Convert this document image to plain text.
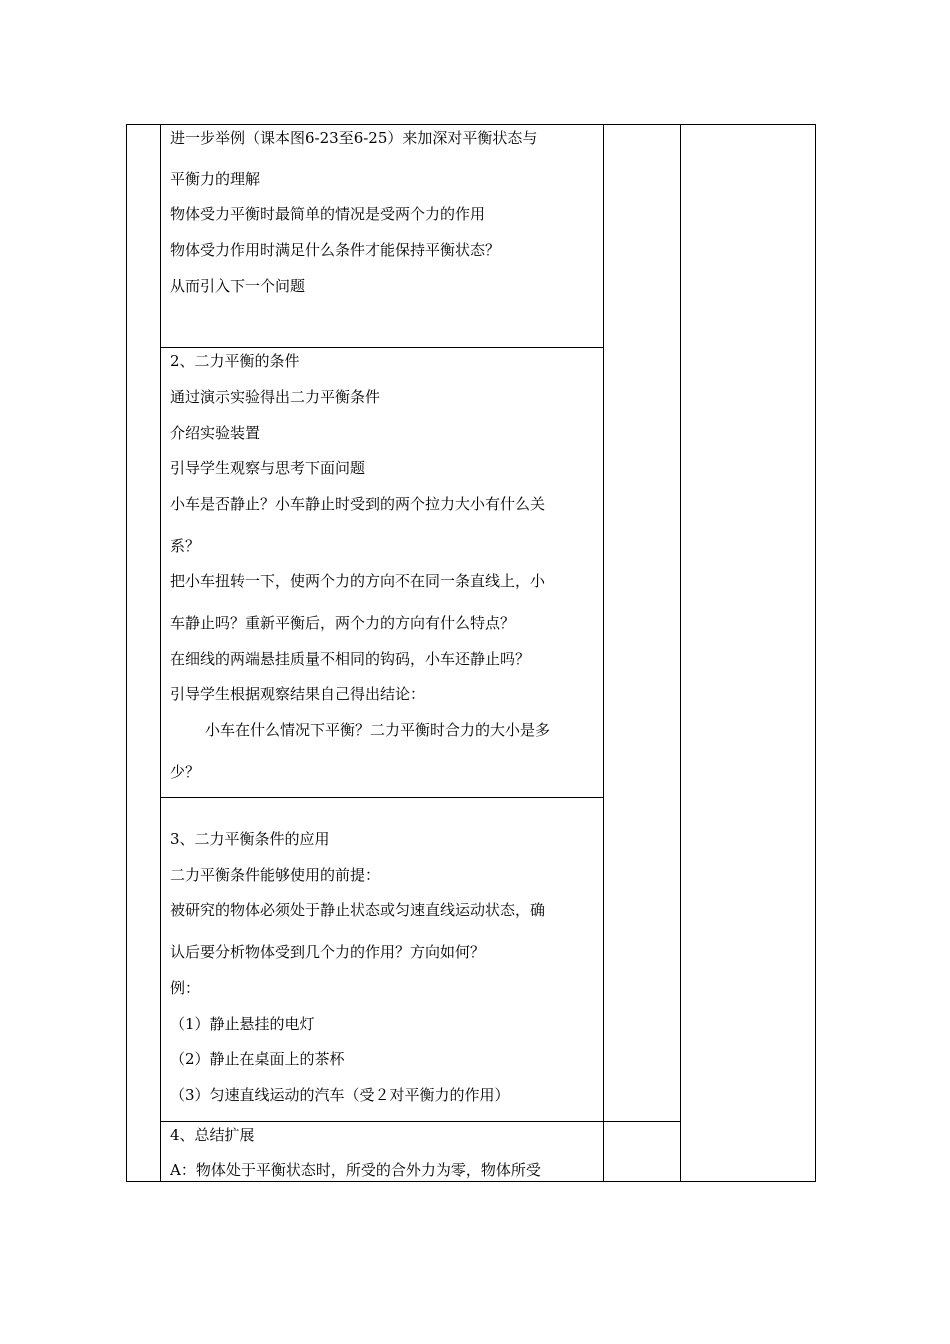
进一步举例（课本图6-23至6-25）来加深对平衡状态与
平衡力的理解
物体受力平衡时最简单的情况是受两个力的作用
物体受力作用时满足什么条件才能保持平衡状态？
从而引入下一个问题
2、二力平衡的条件
通过演示实验得出二力平衡条件
介绍实验装置
引导学生观察与思考下面问题
小车是否静止？小车静止时受到的两个拉力大小有什么关
系？
把小车扭转一下，使两个力的方向不在同一条直线上，小
车静止吗？重新平衡后，两个力的方向有什么特点？
在细线的两端悬挂质量不相同的钩码，小车还静止吗？
引导学生根据观察结果自己得出结论：
小车在什么情况下平衡？二力平衡时合力的大小是多
少？
3、二力平衡条件的应用
二力平衡条件能够使用的前提：
被研究的物体必须处于静止状态或匀速直线运动状态，确
认后要分析物体受到几个力的作用？方向如何？
例：
（1）静止悬挂的电灯
（2）静止在桌面上的茶杯
（3）匀速直线运动的汽车（受２对平衡力的作用）
4、总结扩展
A：物体处于平衡状态时，所受的合外力为零，物体所受
